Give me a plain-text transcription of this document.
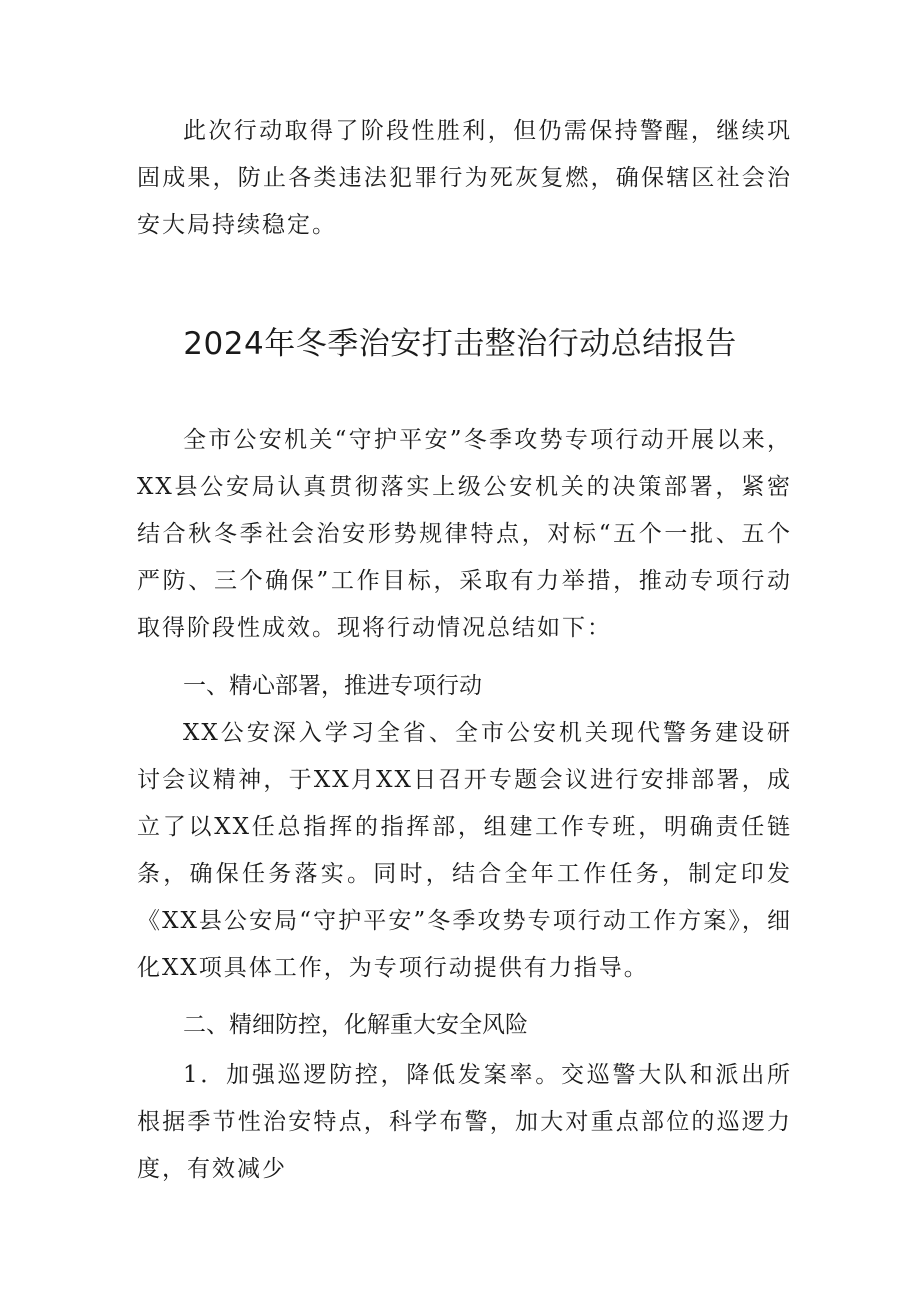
此次行动取得了阶段性胜利，但仍需保持警醒，继续巩固成果，防止各类违法犯罪行为死灰复燃，确保辖区社会治安大局持续稳定。

2024年冬季治安打击整治行动总结报告

全市公安机关“守护平安”冬季攻势专项行动开展以来，XX县公安局认真贯彻落实上级公安机关的决策部署，紧密结合秋冬季社会治安形势规律特点，对标“五个一批、五个严防、三个确保”工作目标，采取有力举措，推动专项行动取得阶段性成效。现将行动情况总结如下：

一、精心部署，推进专项行动

XX公安深入学习全省、全市公安机关现代警务建设研讨会议精神，于XX月XX日召开专题会议进行安排部署，成立了以XX任总指挥的指挥部，组建工作专班，明确责任链条，确保任务落实。同时，结合全年工作任务，制定印发《XX县公安局“守护平安”冬季攻势专项行动工作方案》，细化XX项具体工作，为专项行动提供有力指导。

二、精细防控，化解重大安全风险

1．加强巡逻防控，降低发案率。交巡警大队和派出所根据季节性治安特点，科学布警，加大对重点部位的巡逻力度，有效减少
